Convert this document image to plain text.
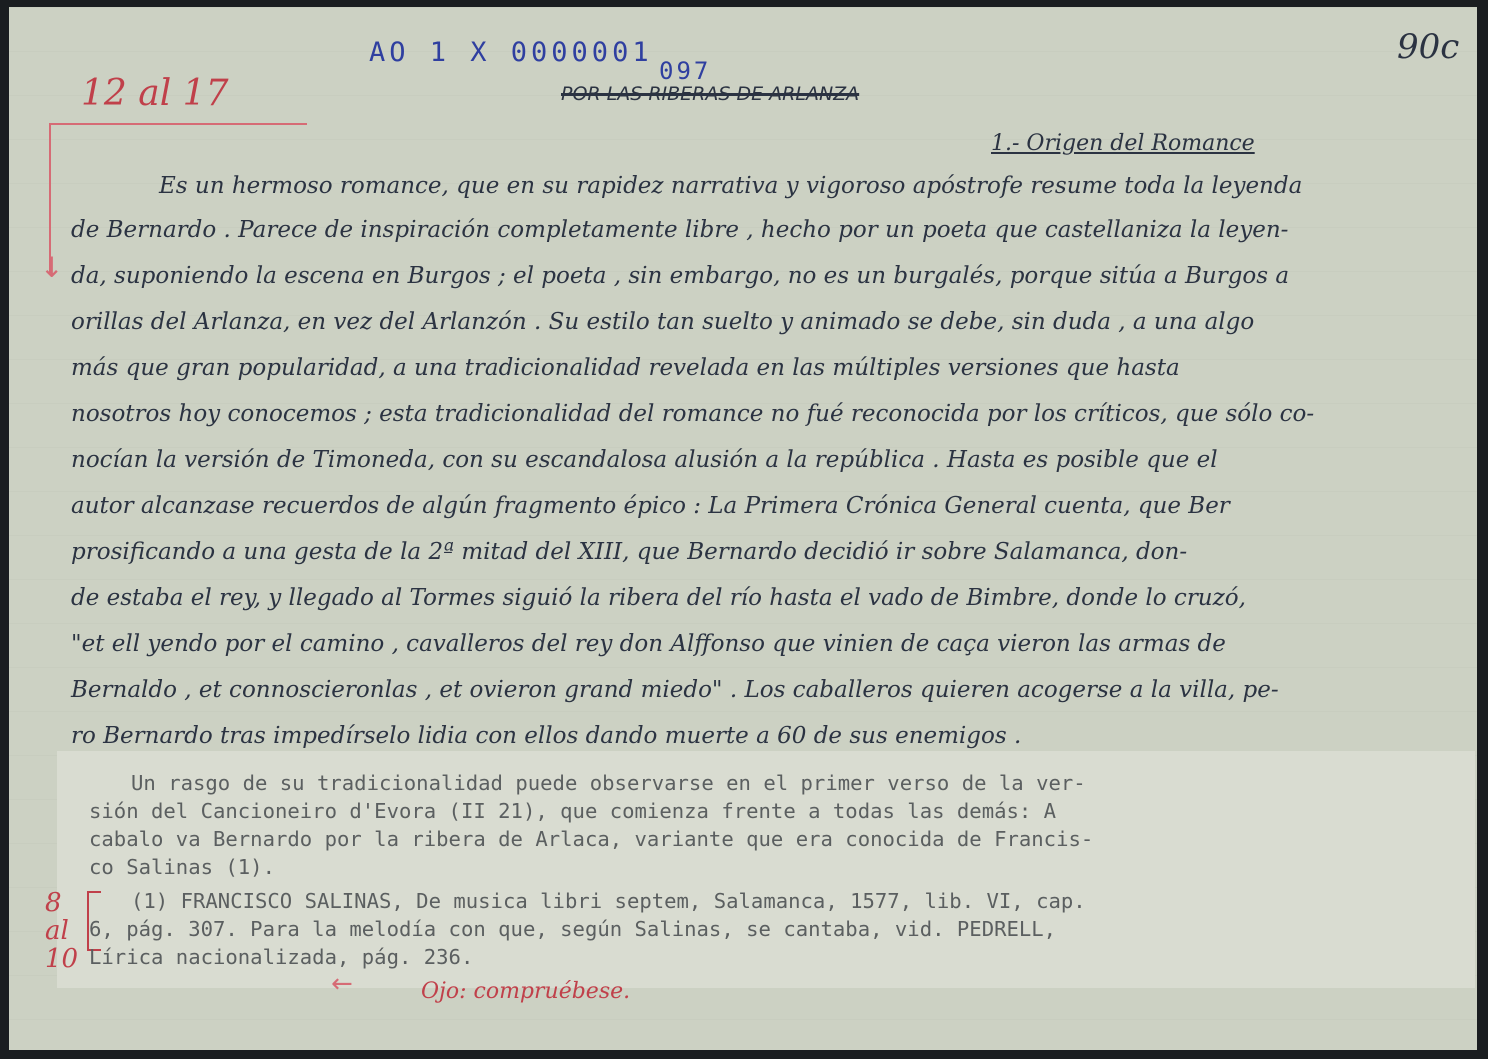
AO 1 X 0000001
097
POR LAS RIBERAS DE ARLANZA
90c
12 al 17
↓
1.- Origen del Romance
Es un hermoso romance, que en su rapidez narrativa y vigoroso apóstrofe resume toda la leyenda
de Bernardo . Parece de inspiración completamente libre , hecho por un poeta que castellaniza la leyen-
da, suponiendo la escena en Burgos ; el poeta , sin embargo, no es un burgalés, porque sitúa a Burgos a
orillas del Arlanza, en vez del Arlanzón . Su estilo tan suelto y animado se debe, sin duda , a una algo
más que gran popularidad, a una tradicionalidad revelada en las múltiples versiones que hasta
nosotros hoy conocemos ; esta tradicionalidad del romance no fué reconocida por los críticos, que sólo co-
nocían la versión de Timoneda, con su escandalosa alusión a la república . Hasta es posible que el
autor alcanzase recuerdos de algún fragmento épico : La Primera Crónica General cuenta, que Ber
prosificando a una gesta de la 2ª mitad del XIII, que Bernardo decidió ir sobre Salamanca, don-
de estaba el rey, y llegado al Tormes siguió la ribera del río hasta el vado de Bimbre, donde lo cruzó,
"et ell yendo por el camino , cavalleros del rey don Alffonso que vinien de caça vieron las armas de
Bernaldo , et connoscieronlas , et ovieron grand miedo" . Los caballeros quieren acogerse a la villa, pe-
ro Bernardo tras impedírselo lidia con ellos dando muerte a 60 de sus enemigos .
Un rasgo de su tradicionalidad puede observarse en el primer verso de la ver-
sión del Cancioneiro d'Evora (II 21), que comienza frente a todas las demás: A
cabalo va Bernardo por la ribera de Arlaca, variante que era conocida de Francis-
co Salinas (1).
8
al
10
(1) FRANCISCO SALINAS, De musica libri septem, Salamanca, 1577, lib. VI, cap.
6, pág. 307. Para la melodía con que, según Salinas, se cantaba, vid. PEDRELL,
Lírica nacionalizada, pág. 236.
←	Ojo: compruébese.
